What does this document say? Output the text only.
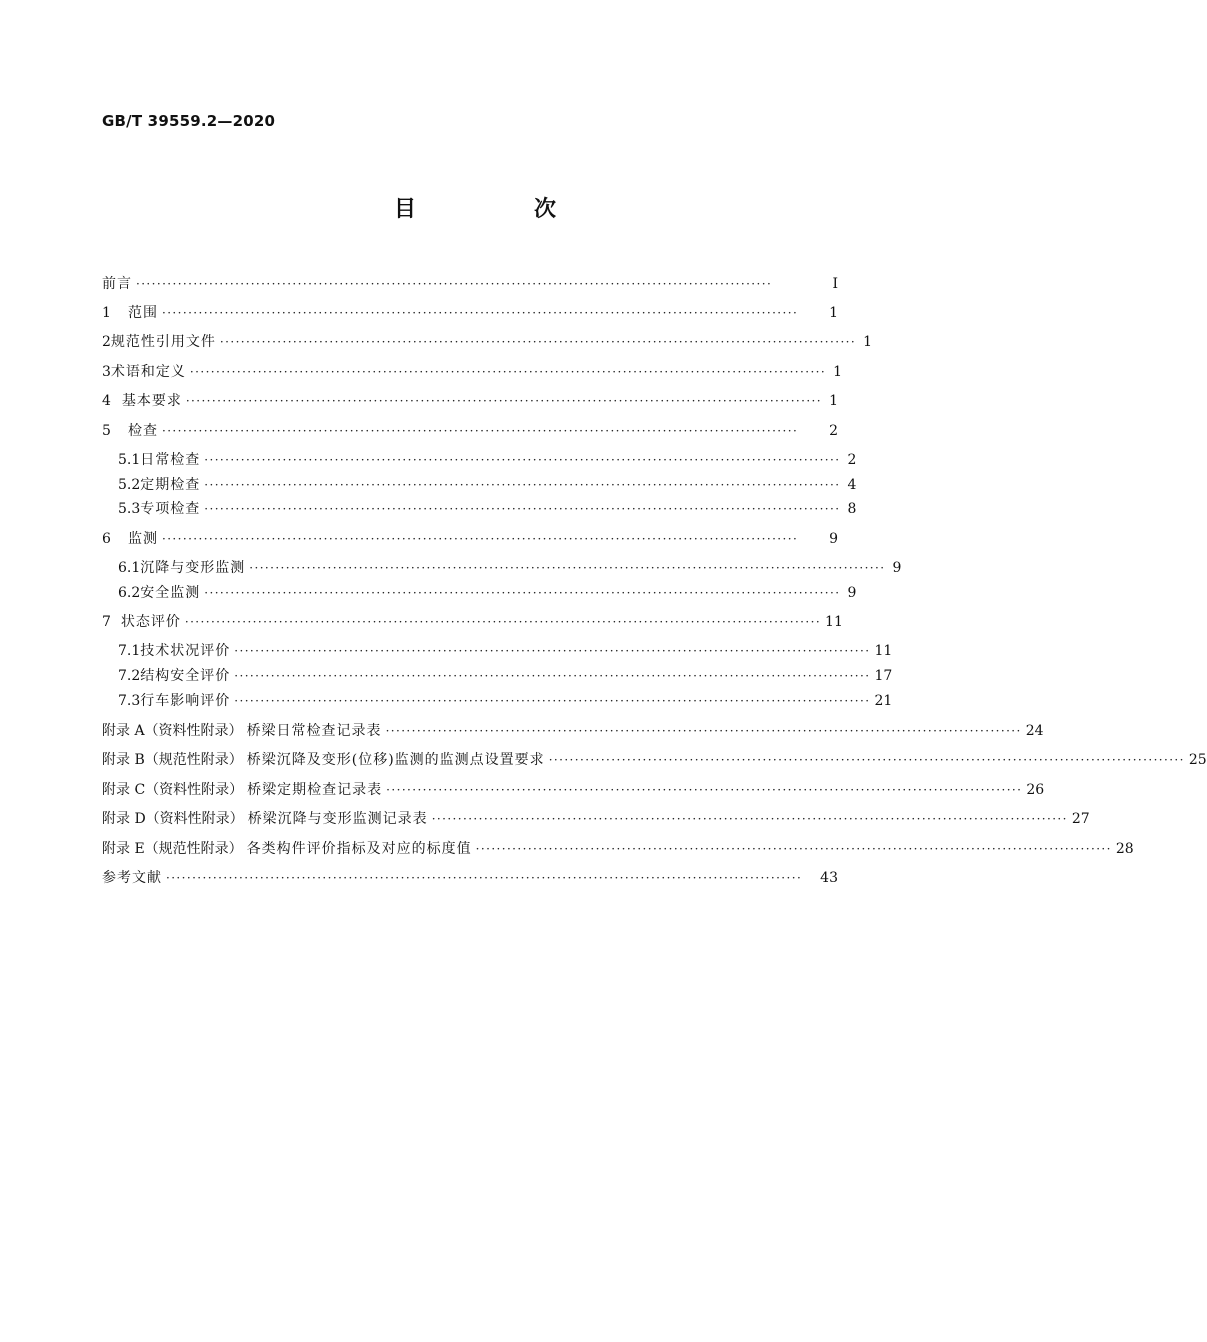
GB/T 39559.2—2020
目　次
前言 ··························································································································	Ⅰ
1	范围 ··························································································································	1
2 规范性引用文件 ·························································································································· 1
3 术语和定义 ·························································································································· 1
4 基本要求 ·························································································································· 1
5	检查 ··························································································································	2
5.1 日常检查 ·························································································································· 2
5.2 定期检查 ·························································································································· 4
5.3 专项检查 ·························································································································· 8
6	监测 ··························································································································	9
6.1 沉降与变形监测 ·························································································································· 9
6.2 安全监测 ·························································································································· 9
7 状态评价 ·························································································································· 11
7.1 技术状况评价 ·························································································································· 11
7.2 结构安全评价 ·························································································································· 17
7.3 行车影响评价 ·························································································································· 21
附录 A（资料性附录） 桥梁日常检查记录表 ·························································································································· 24
附录 B（规范性附录） 桥梁沉降及变形(位移)监测的监测点设置要求 ·························································································································· 25
附录 C（资料性附录） 桥梁定期检查记录表 ·························································································································· 26
附录 D（资料性附录） 桥梁沉降与变形监测记录表 ·························································································································· 27
附录 E（规范性附录） 各类构件评价指标及对应的标度值 ·························································································································· 28
参考文献 ··························································································································	43
